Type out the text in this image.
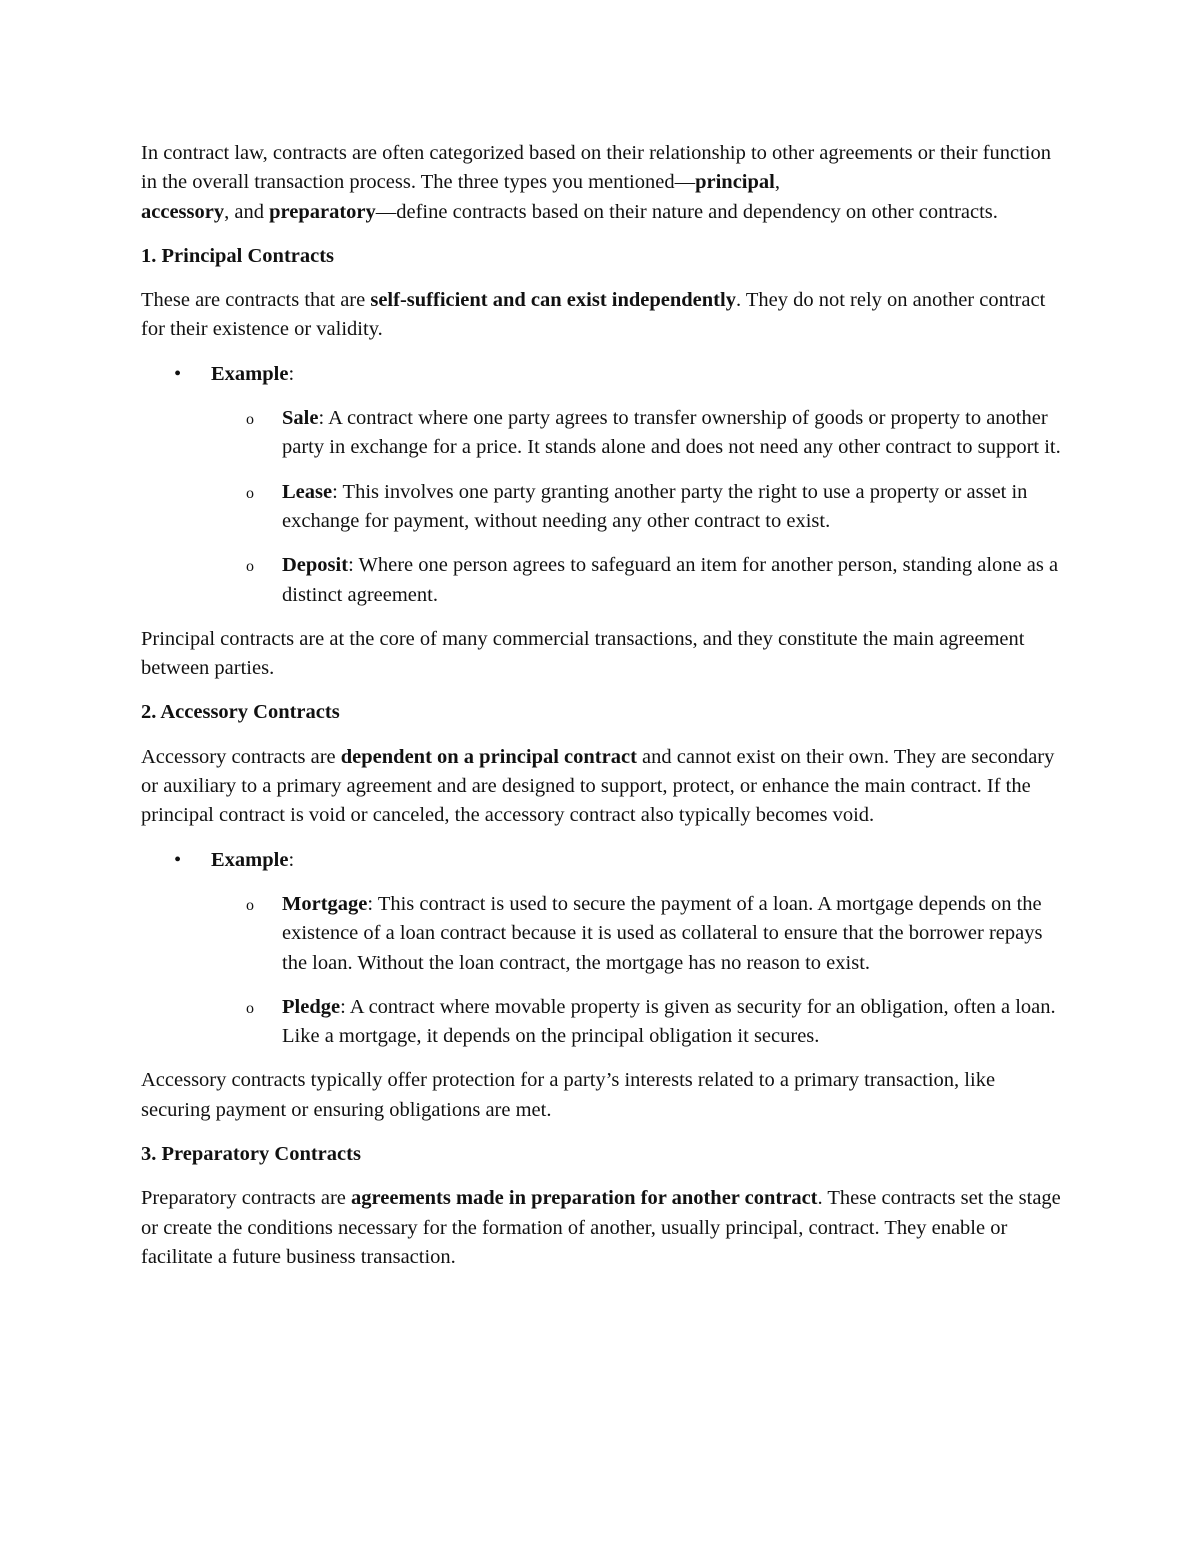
In contract law, contracts are often categorized based on their relationship to other agreements or their function in the overall transaction process. The three types you mentioned—principal,
accessory, and preparatory—define contracts based on their nature and dependency on other contracts.

1. Principal Contracts

These are contracts that are self-sufficient and can exist independently. They do not rely on another contract for their existence or validity.

• Example:
o Sale: A contract where one party agrees to transfer ownership of goods or property to another party in exchange for a price. It stands alone and does not need any other contract to support it.
o Lease: This involves one party granting another party the right to use a property or asset in exchange for payment, without needing any other contract to exist.
o Deposit: Where one person agrees to safeguard an item for another person, standing alone as a distinct agreement.

Principal contracts are at the core of many commercial transactions, and they constitute the main agreement between parties.

2. Accessory Contracts

Accessory contracts are dependent on a principal contract and cannot exist on their own. They are secondary or auxiliary to a primary agreement and are designed to support, protect, or enhance the main contract. If the principal contract is void or canceled, the accessory contract also typically becomes void.

• Example:
o Mortgage: This contract is used to secure the payment of a loan. A mortgage depends on the existence of a loan contract because it is used as collateral to ensure that the borrower repays the loan. Without the loan contract, the mortgage has no reason to exist.
o Pledge: A contract where movable property is given as security for an obligation, often a loan. Like a mortgage, it depends on the principal obligation it secures.

Accessory contracts typically offer protection for a party’s interests related to a primary transaction, like securing payment or ensuring obligations are met.

3. Preparatory Contracts

Preparatory contracts are agreements made in preparation for another contract. These contracts set the stage or create the conditions necessary for the formation of another, usually principal, contract. They enable or facilitate a future business transaction.
